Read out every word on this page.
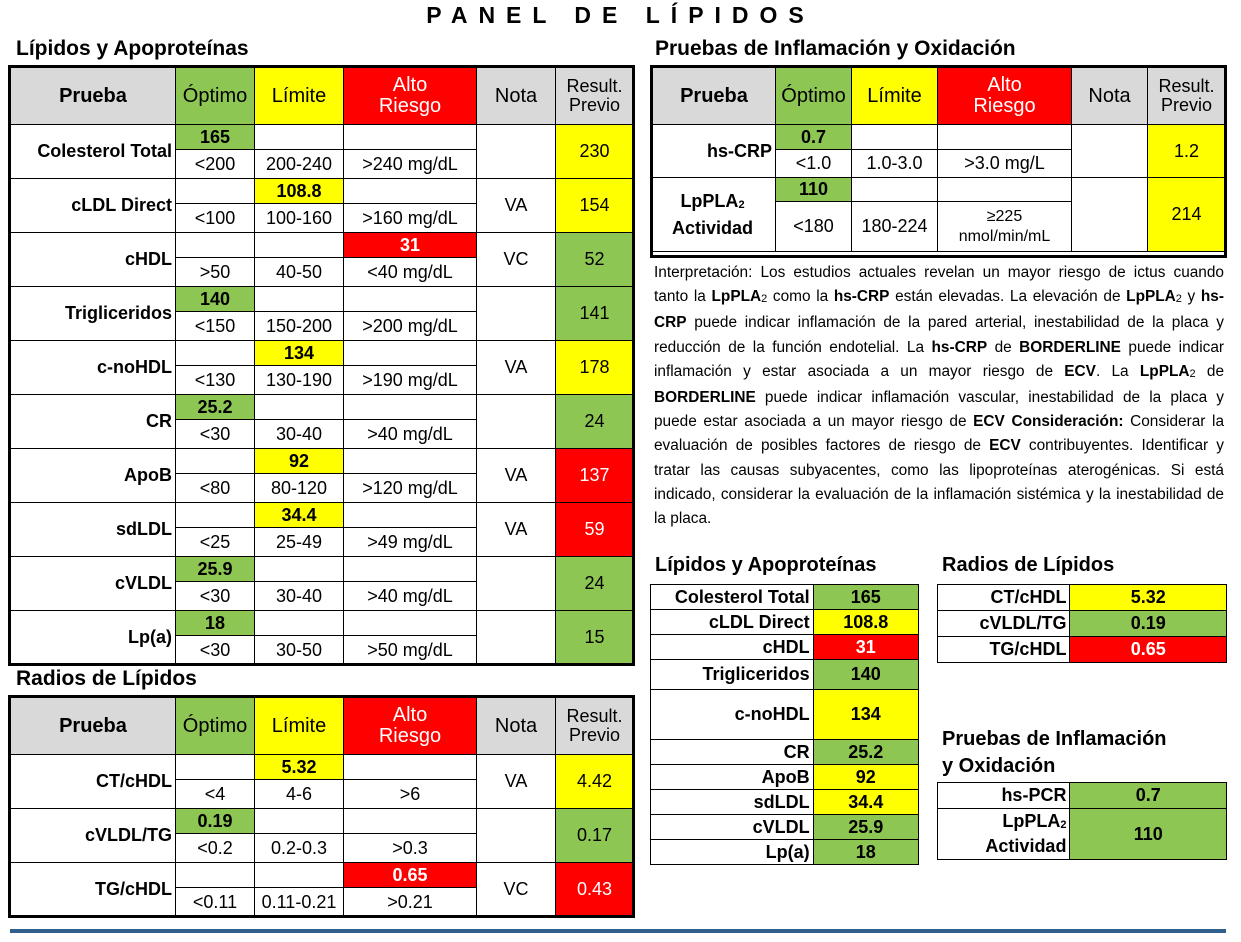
PANEL DE LÍPIDOS
Lípidos y Apoproteínas
Prueba	Óptimo	Límite	Alto
Riesgo	Nota	Result.
Previo
Colesterol Total	165				230
	<200	200-240	>240 mg/dL		
cLDL Direct		108.8		VA	154
	<100	100-160	>160 mg/dL		
cHDL			31	VC	52
	>50	40-50	<40 mg/dL		
Trigliceridos	140				141
	<150	150-200	>200 mg/dL		
c-noHDL		134		VA	178
	<130	130-190	>190 mg/dL		
CR	25.2				24
	<30	30-40	>40 mg/dL		
ApoB		92		VA	137
	<80	80-120	>120 mg/dL		
sdLDL		34.4		VA	59
	<25	25-49	>49 mg/dL		
cVLDL	25.9				24
	<30	30-40	>40 mg/dL		
Lp(a)	18				15
	<30	30-50	>50 mg/dL		
Radios de Lípidos
Prueba	Óptimo	Límite	Alto
Riesgo	Nota	Result.
Previo
CT/cHDL		5.32		VA	4.42
	<4	4-6	>6		
cVLDL/TG	0.19				0.17
	<0.2	0.2-0.3	>0.3		
TG/cHDL			0.65	VC	0.43
	<0.11	0.11-0.21	>0.21		
Pruebas de Inflamación y Oxidación
Prueba	Óptimo	Límite	Alto
Riesgo	Nota	Result.
Previo
hs-CRP	0.7				1.2
	<1.0	1.0-3.0	>3.0 mg/L		
LpPLA$_2$
Actividad	110				214
	<180	180-224	≥225
nmol/min/mL		
Interpretación: Los estudios actuales revelan un mayor riesgo de ictus cuando tanto la LpPLA$_2$ como la hs-CRP están elevadas. La elevación de LpPLA$_2$ y hs-CRP puede indicar inflamación de la pared arterial, inestabilidad de la placa y reducción de la función endotelial. La hs-CRP de BORDERLINE puede indicar inflamación y estar asociada a un mayor riesgo de ECV. La LpPLA$_2$ de BORDERLINE puede indicar inflamación vascular, inestabilidad de la placa y puede estar asociada a un mayor riesgo de ECV Consideración: Considerar la evaluación de posibles factores de riesgo de ECV contribuyentes. Identificar y tratar las causas subyacentes, como las lipoproteínas aterogénicas. Si está indicado, considerar la evaluación de la inflamación sistémica y la inestabilidad de la placa.
Lípidos y Apoproteínas
Colesterol Total	165
cLDL Direct	108.8
cHDL	31
Trigliceridos	140
c-noHDL	134
CR	25.2
ApoB	92
sdLDL	34.4
cVLDL	25.9
Lp(a)	18
Radios de Lípidos
CT/cHDL	5.32
cVLDL/TG	0.19
TG/cHDL	0.65
Pruebas de Inflamación
y Oxidación
hs-PCR	0.7
LpPLA$_2$
Actividad	110
